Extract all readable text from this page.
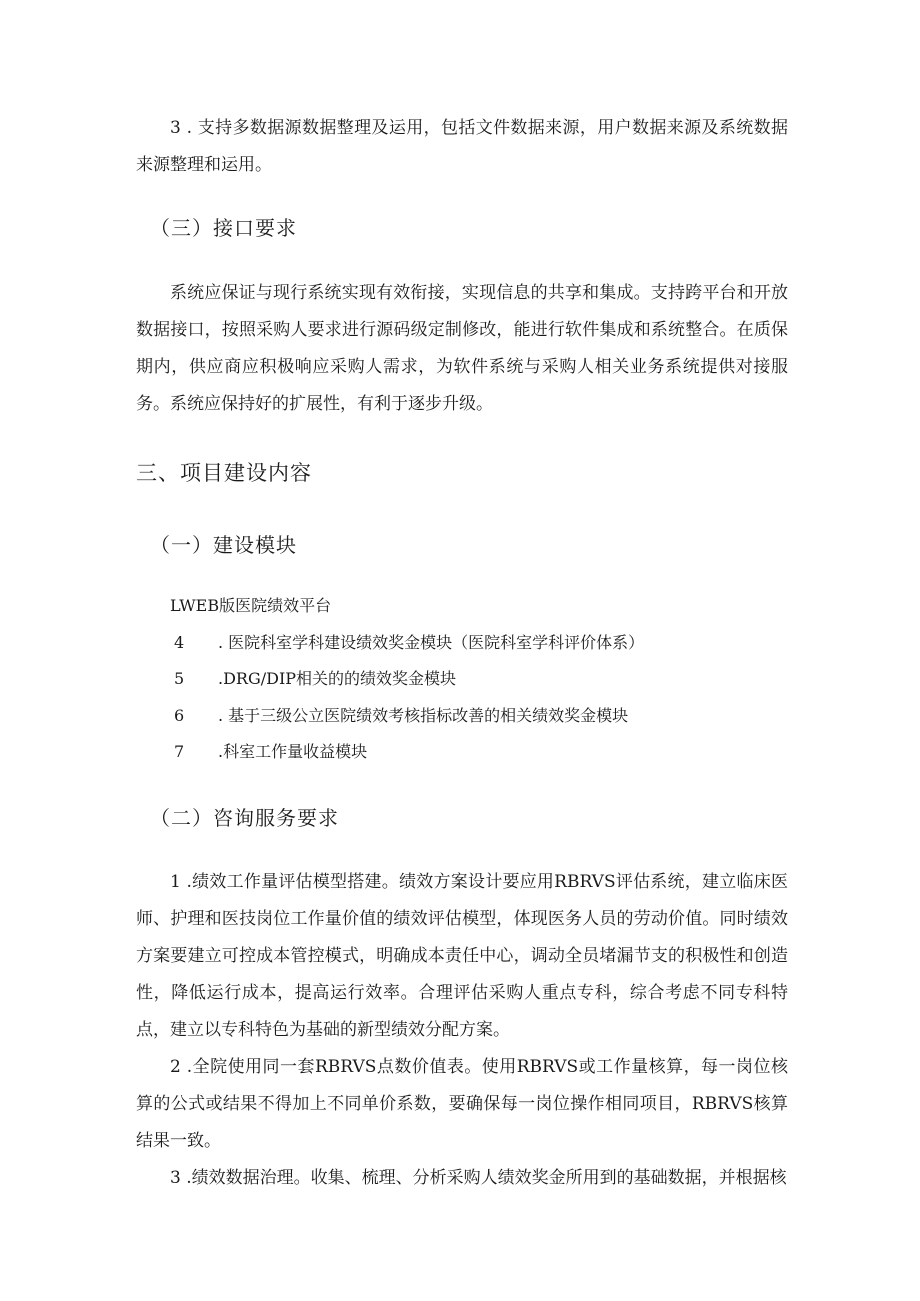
3 . 支持多数据源数据整理及运用，包括文件数据来源，用户数据来源及系统数据来源整理和运用。

（三）接口要求

系统应保证与现行系统实现有效衔接，实现信息的共享和集成。支持跨平台和开放数据接口，按照采购人要求进行源码级定制修改，能进行软件集成和系统整合。在质保期内，供应商应积极响应采购人需求，为软件系统与采购人相关业务系统提供对接服务。系统应保持好的扩展性，有利于逐步升级。

三、项目建设内容
（一）建设模块
LWEB版医院绩效平台
4 . 医院科室学科建设绩效奖金模块（医院科室学科评价体系）
5 .DRG/DIP相关的的绩效奖金模块
6 . 基于三级公立医院绩效考核指标改善的相关绩效奖金模块
7 .科室工作量收益模块
（二）咨询服务要求

1 .绩效工作量评估模型搭建。绩效方案设计要应用RBRVS评估系统，建立临床医师、护理和医技岗位工作量价值的绩效评估模型，体现医务人员的劳动价值。同时绩效方案要建立可控成本管控模式，明确成本责任中心，调动全员堵漏节支的积极性和创造性，降低运行成本，提高运行效率。合理评估采购人重点专科，综合考虑不同专科特点，建立以专科特色为基础的新型绩效分配方案。

2 .全院使用同一套RBRVS点数价值表。使用RBRVS或工作量核算，每一岗位核算的公式或结果不得加上不同单价系数，要确保每一岗位操作相同项目，RBRVS核算结果一致。

3 .绩效数据治理。收集、梳理、分析采购人绩效奖金所用到的基础数据，并根据核
